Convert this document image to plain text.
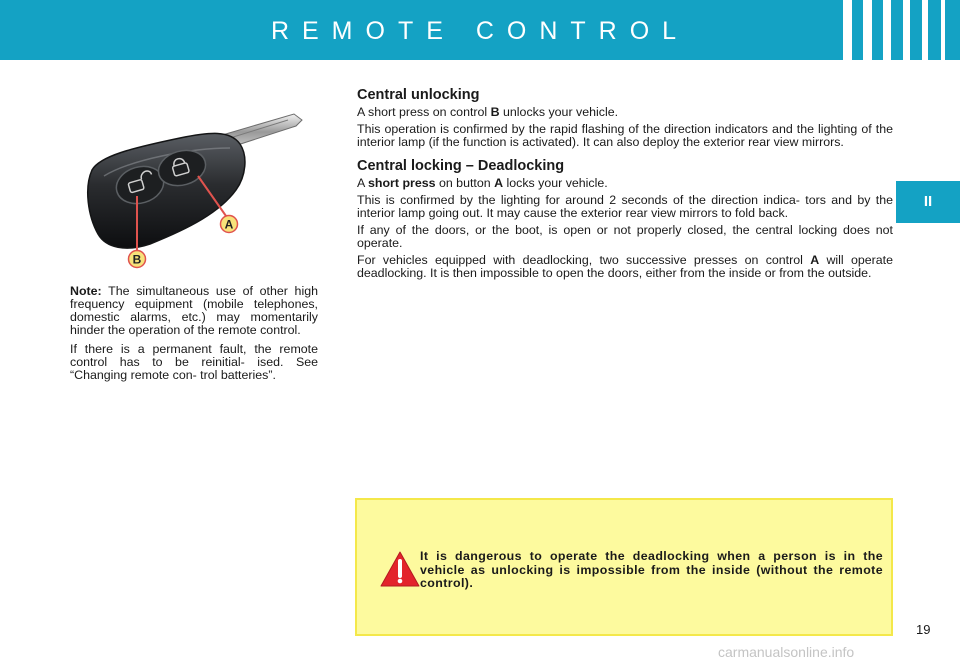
REMOTE CONTROL
II
A
B

Note: The simultaneous use of other high frequency equipment (mobile telephones, domestic alarms, etc.) may momentarily hinder the operation of the remote control.

If there is a permanent fault, the remote control has to be reinitial- ised. See “Changing remote con- trol batteries”.

Central unlocking

A short press on control B unlocks your vehicle.

This operation is confirmed by the rapid flashing of the direction indicators and the lighting of the interior lamp (if the function is activated). It can also deploy the exterior rear view mirrors.

Central locking – Deadlocking

A short press on button A locks your vehicle.

This is confirmed by the lighting for around 2 seconds of the direction indica- tors and by the interior lamp going out. It may cause the exterior rear view mirrors to fold back.

If any of the doors, or the boot, is open or not properly closed, the central locking does not operate.

For vehicles equipped with deadlocking, two successive presses on control A will operate deadlocking. It is then impossible to open the doors, either from the inside or from the outside.

It is dangerous to operate the deadlocking when a person is in the vehicle as unlocking is impossible from the inside (without the remote control).
19
carmanualsonline.info
